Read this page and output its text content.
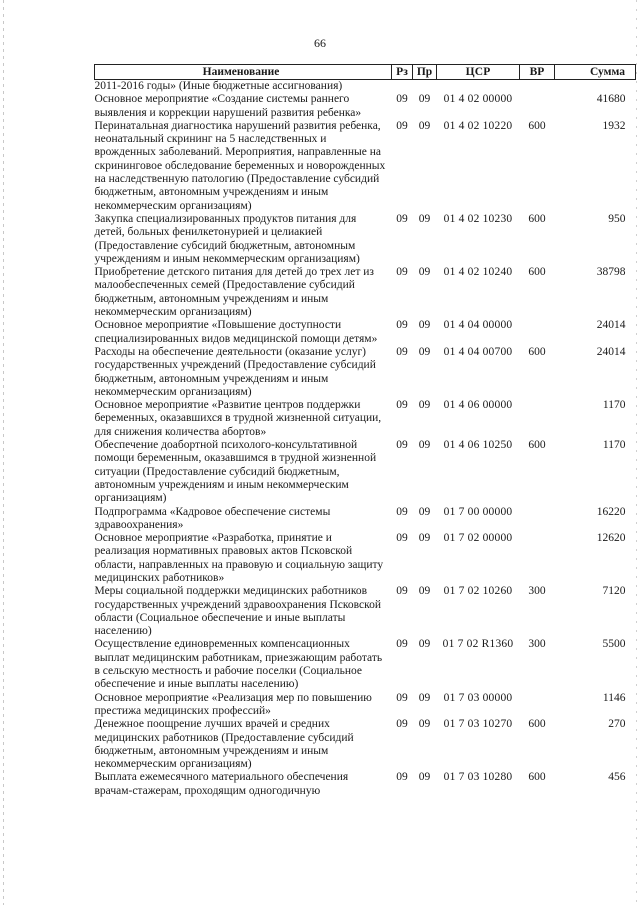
66
Наименование	Рз	Пр	ЦСР	ВР	Сумма
2011-2016 годы» (Иные бюджетные ассигнования)					
Основное мероприятие «Создание системы раннего выявления и коррекции нарушений развития ребенка»	09	09	01 4 02 00000		41680
Перинатальная диагностика нарушений развития ребенка, неонатальный скрининг на 5 наследственных и врожденных заболеваний. Мероприятия, направленные на скрининговое обследование беременных и новорожденных на наследственную патологию (Предоставление субсидий бюджетным, автономным учреждениям и иным некоммерческим организациям)	09	09	01 4 02 10220	600	1932
Закупка специализированных продуктов питания для детей, больных фенилкетонурией и целиакией (Предоставление субсидий бюджетным, автономным учреждениям и иным некоммерческим организациям)	09	09	01 4 02 10230	600	950
Приобретение детского питания для детей до трех лет из малообеспеченных семей (Предоставление субсидий бюджетным, автономным учреждениям и иным некоммерческим организациям)	09	09	01 4 02 10240	600	38798
Основное мероприятие «Повышение доступности специализированных видов медицинской помощи детям»	09	09	01 4 04 00000		24014
Расходы на обеспечение деятельности (оказание услуг) государственных учреждений (Предоставление субсидий бюджетным, автономным учреждениям и иным некоммерческим организациям)	09	09	01 4 04 00700	600	24014
Основное мероприятие «Развитие центров поддержки беременных, оказавшихся в трудной жизненной ситуации, для снижения количества абортов»	09	09	01 4 06 00000		1170
Обеспечение доабортной психолого-консультативной помощи беременным, оказавшимся в трудной жизненной ситуации (Предоставление субсидий бюджетным, автономным учреждениям и иным некоммерческим организациям)	09	09	01 4 06 10250	600	1170
Подпрограмма «Кадровое обеспечение системы здравоохранения»	09	09	01 7 00 00000		16220
Основное мероприятие «Разработка, принятие и реализация нормативных правовых актов Псковской области, направленных на правовую и социальную защиту медицинских работников»	09	09	01 7 02 00000		12620
Меры социальной поддержки медицинских работников государственных учреждений здравоохранения Псковской области (Социальное обеспечение и иные выплаты населению)	09	09	01 7 02 10260	300	7120
Осуществление единовременных компенсационных выплат медицинским работникам, приезжающим работать в сельскую местность и рабочие поселки (Социальное обеспечение и иные выплаты населению)	09	09	01 7 02 R1360	300	5500
Основное мероприятие «Реализация мер по повышению престижа медицинских профессий»	09	09	01 7 03 00000		1146
Денежное поощрение лучших врачей и средних медицинских работников (Предоставление субсидий бюджетным, автономным учреждениям и иным некоммерческим организациям)	09	09	01 7 03 10270	600	270
Выплата ежемесячного материального обеспечения врачам-стажерам, проходящим одногодичную	09	09	01 7 03 10280	600	456
